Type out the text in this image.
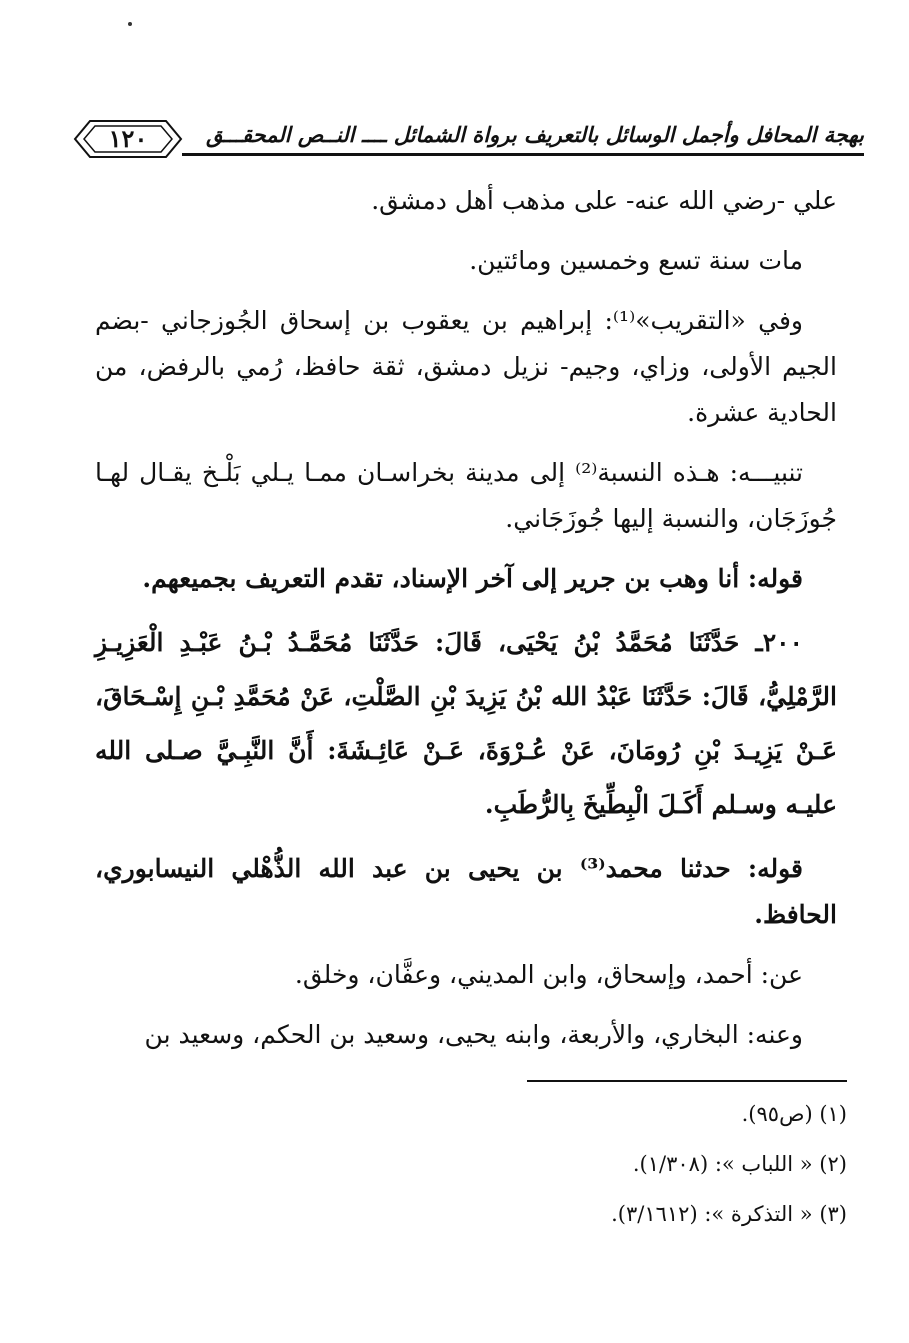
١٢٠	بهجة المحافل وأجمل الوسائل بالتعريف برواة الشمائل ــــ النــص المحقـــق

علي -رضي الله عنه- على مذهب أهل دمشق.

مات سنة تسع وخمسين ومائتين.

وفي «التقريب»⁽¹⁾: إبراهيم بن يعقوب بن إسحاق الجُوزجاني -بضم الجيم الأولى، وزاي، وجيم- نزيل دمشق، ثقة حافظ، رُمي بالرفض، من الحادية عشرة.

تنبيـــه: هـذه النسبة⁽²⁾ إلى مدينة بخراسـان ممـا يـلي بَلْـخ يقـال لهـا جُوزَجَان، والنسبة إليها جُوزَجَاني.

قوله: أنا وهب بن جرير إلى آخر الإسناد، تقدم التعريف بجميعهم.

٢٠٠ـ حَدَّثَنَا مُحَمَّدُ بْنُ يَحْيَى، قَالَ: حَدَّثَنَا مُحَمَّـدُ بْـنُ عَبْـدِ الْعَزِيـزِ الرَّمْلِيُّ، قَالَ: حَدَّثَنَا عَبْدُ الله بْنُ يَزِيدَ بْنِ الصَّلْتِ، عَنْ مُحَمَّدِ بْـنِ إِسْـحَاقَ، عَـنْ يَزِيـدَ بْنِ رُومَانَ، عَنْ عُـرْوَةَ، عَـنْ عَائِـشَةَ: أَنَّ النَّبِـيَّ صـلى الله عليـه وسـلم أَكَـلَ الْبِطِّيخَ بِالرُّطَبِ.

قوله: حدثنا محمد⁽³⁾ بن يحيى بن عبد الله الذُّهْلي النيسابوري، الحافظ.

عن: أحمد، وإسحاق، وابن المديني، وعفَّان، وخلق.

وعنه: البخاري، والأربعة، وابنه يحيى، وسعيد بن الحكم، وسعيد بن

(١) (ص٩٥).

(٢) « اللباب »: (١/٣٠٨).

(٣) « التذكرة »: (٣/١٦١٢).
